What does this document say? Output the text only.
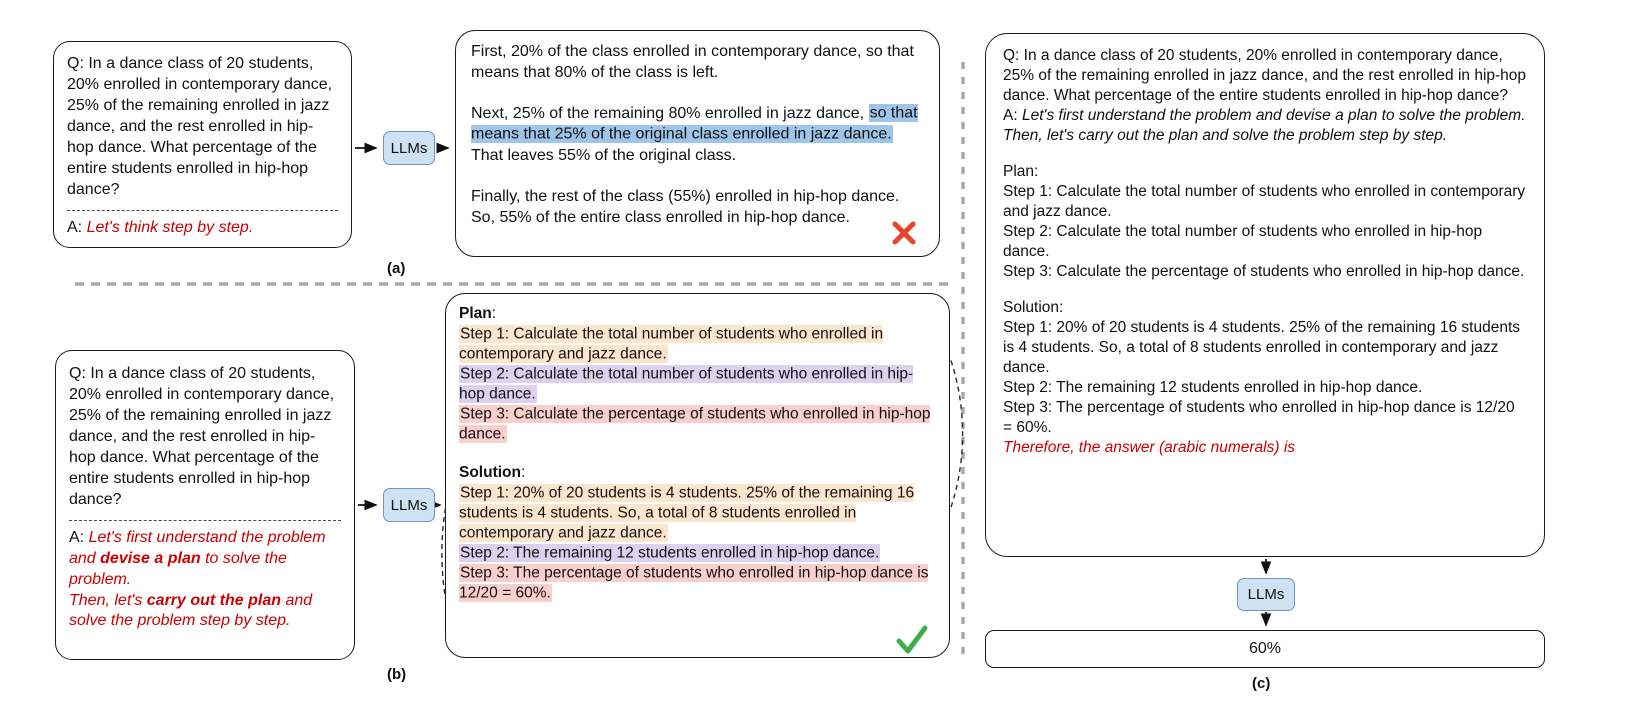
Q: In a dance class of 20 students, 20% enrolled in contemporary dance, 25% of the remaining enrolled in jazz dance, and the rest enrolled in hip-hop dance. What percentage of the entire students enrolled in hip-hop dance?
A: Let's think step by step.
LLMs

First, 20% of the class enrolled in contemporary dance, so that means that 80% of the class is left.

Next, 25% of the remaining 80% enrolled in jazz dance, so that means that 25% of the original class enrolled in jazz dance. That leaves 55% of the original class.

Finally, the rest of the class (55%) enrolled in hip-hop dance. So, 55% of the entire class enrolled in hip-hop dance.

(a)
Q: In a dance class of 20 students, 20% enrolled in contemporary dance, 25% of the remaining enrolled in jazz dance, and the rest enrolled in hip-hop dance. What percentage of the entire students enrolled in hip-hop dance?
A: Let's first understand the problem and devise a plan to solve the problem.
Then, let's carry out the plan and solve the problem step by step.
LLMs
Plan:
Step 1: Calculate the total number of students who enrolled in contemporary and jazz dance.
Step 2: Calculate the total number of students who enrolled in hip-hop dance.
Step 3: Calculate the percentage of students who enrolled in hip-hop dance.
Solution:
Step 1: 20% of 20 students is 4 students. 25% of the remaining 16 students is 4 students. So, a total of 8 students enrolled in contemporary and jazz dance.
Step 2: The remaining 12 students enrolled in hip-hop dance.
Step 3: The percentage of students who enrolled in hip-hop dance is 12/20 = 60%.
(b)
Q: In a dance class of 20 students, 20% enrolled in contemporary dance, 25% of the remaining enrolled in jazz dance, and the rest enrolled in hip-hop dance. What percentage of the entire students enrolled in hip-hop dance?
A: Let's first understand the problem and devise a plan to solve the problem.
Then, let's carry out the plan and solve the problem step by step.
Plan:
Step 1: Calculate the total number of students who enrolled in contemporary and jazz dance.
Step 2: Calculate the total number of students who enrolled in hip-hop dance.
Step 3: Calculate the percentage of students who enrolled in hip-hop dance.
Solution:
Step 1: 20% of 20 students is 4 students. 25% of the remaining 16 students is 4 students. So, a total of 8 students enrolled in contemporary and jazz dance.
Step 2: The remaining 12 students enrolled in hip-hop dance.
Step 3: The percentage of students who enrolled in hip-hop dance is 12/20 = 60%.
Therefore, the answer (arabic numerals) is
LLMs
60%
(c)
